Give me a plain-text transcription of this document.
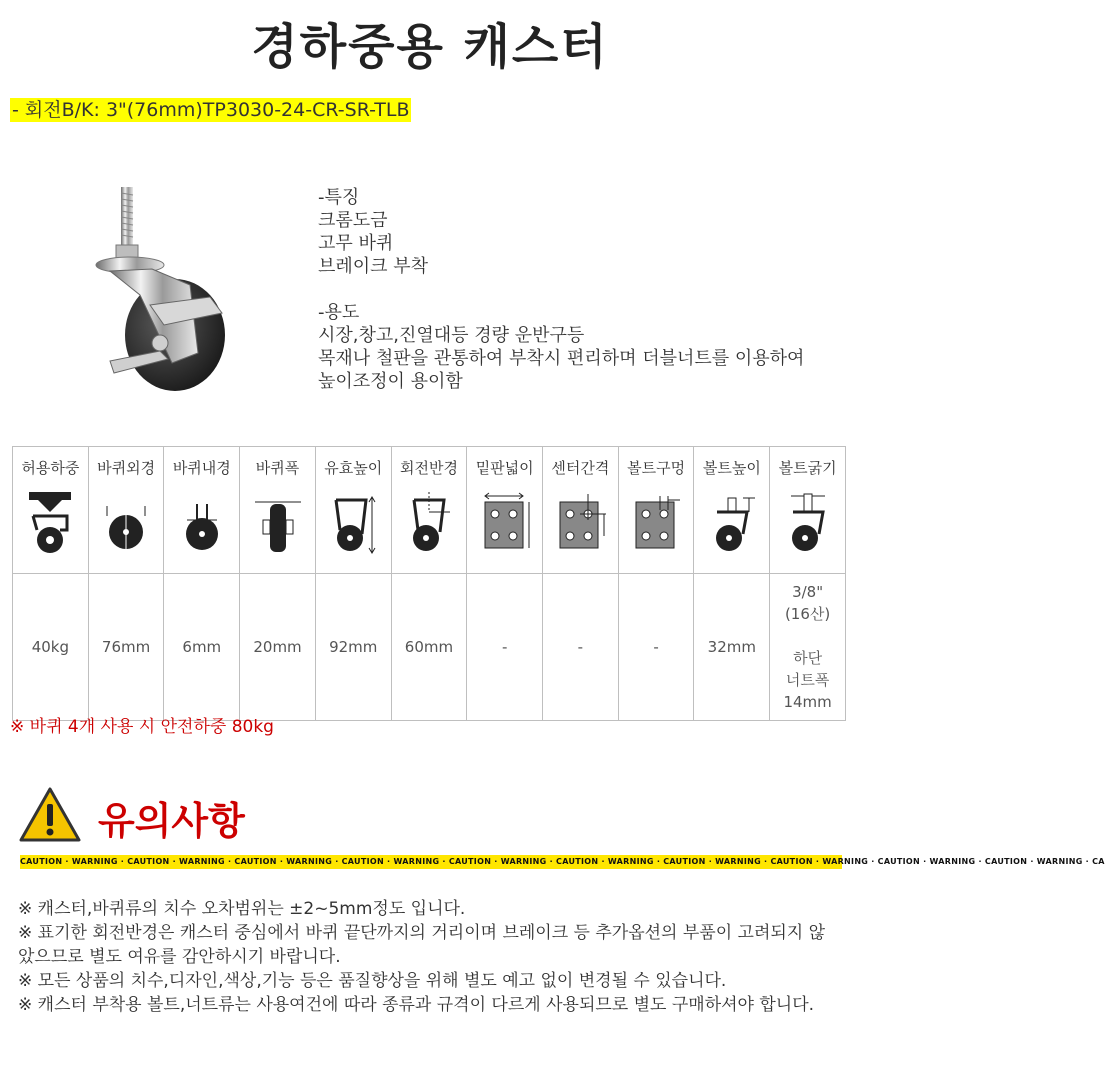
경하중용 캐스터
- 회전B/K: 3"(76mm)TP3030-24-CR-SR-TLB
-특징
크롬도금
고무 바퀴
브레이크 부착
-용도
시장,창고,진열대등 경량 운반구등
목재나 철판을 관통하여 부착시 편리하며 더블너트를 이용하여
높이조정이 용이함
허용하중	바퀴외경	바퀴내경	바퀴폭	유효높이	회전반경	밑판넓이	센터간격	볼트구멍	볼트높이	볼트굵기

40kg	76mm	6mm	20mm	92mm	60mm	-	-	-	32mm	3/8"
(16산)
하단
너트폭
14mm
※ 바퀴 4개 사용 시 안전하중 80kg
유의사항
CAUTION · WARNING · CAUTION · WARNING · CAUTION · WARNING · CAUTION · WARNING · CAUTION · WARNING · CAUTION · WARNING · CAUTION · WARNING · CAUTION · WARNING · CAUTION · WARNING · CAUTION · WARNING · CA
※ 캐스터,바퀴류의 치수 오차범위는 ±2~5mm정도 입니다.
※ 표기한 회전반경은 캐스터 중심에서 바퀴 끝단까지의 거리이며 브레이크 등 추가옵션의 부품이 고려되지 않았으므로 별도 여유를 감안하시기 바랍니다.
※ 모든 상품의 치수,디자인,색상,기능 등은 품질향상을 위해 별도 예고 없이 변경될 수 있습니다.
※ 캐스터 부착용 볼트,너트류는 사용여건에 따라 종류과 규격이 다르게 사용되므로 별도 구매하셔야 합니다.
